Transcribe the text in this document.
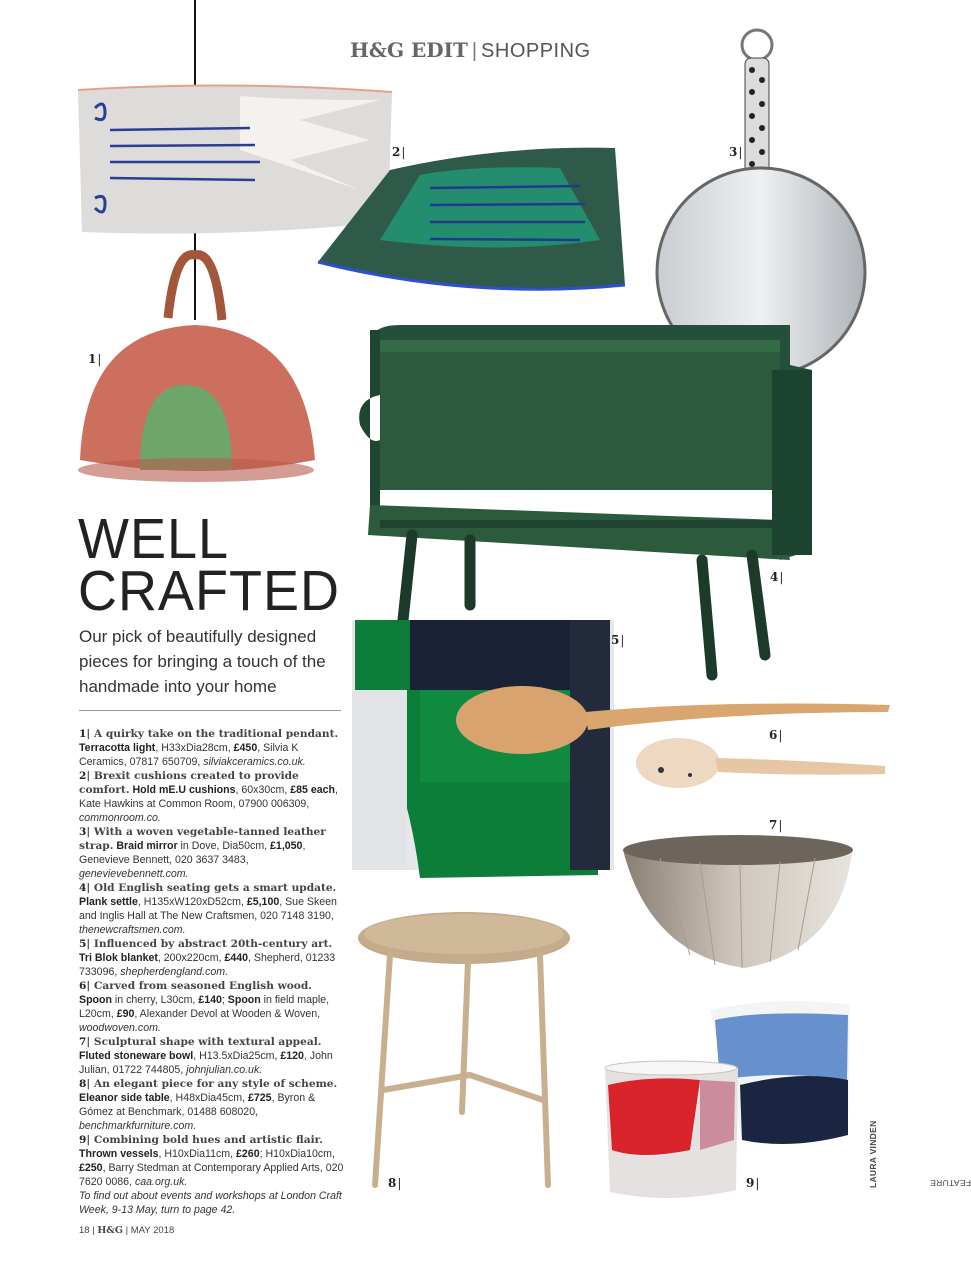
H&G EDIT | SHOPPING
2 |	3 |
1 |
4 |
5 |
6 |
7 |
8 |	9 |
WELL
CRAFTED
Our pick of beautifully designed pieces for bringing a touch of the handmade into your home

1| A quirky take on the traditional pendant. Terracotta light, H33xDia28cm, £450, Silvia K Ceramics, 07817 650709, silviakceramics.co.uk.

2| Brexit cushions created to provide comfort. Hold mE.U cushions, 60x30cm, £85 each, Kate Hawkins at Common Room, 07900 006309, commonroom.co.

3| With a woven vegetable-tanned leather strap. Braid mirror in Dove, Dia50cm, £1,050, Genevieve Bennett, 020 3637 3483, genevievebennett.com.

4| Old English seating gets a smart update. Plank settle, H135xW120xD52cm, £5,100, Sue Skeen and Inglis Hall at The New Craftsmen, 020 7148 3190, thenewcraftsmen.com.

5| Influenced by abstract 20th-century art. Tri Blok blanket, 200x220cm, £440, Shepherd, 01233 733096, shepherdengland.com.

6| Carved from seasoned English wood. Spoon in cherry, L30cm, £140; Spoon in field maple, L20cm, £90, Alexander Devol at Wooden & Woven, woodwoven.com.

7| Sculptural shape with textural appeal. Fluted stoneware bowl, H13.5xDia25cm, £120, John Julian, 01722 744805, johnjulian.co.uk.

8| An elegant piece for any style of scheme. Eleanor side table, H48xDia45cm, £725, Byron & Gómez at Benchmark, 01488 608020, benchmarkfurniture.com.

9| Combining bold hues and artistic flair. Thrown vessels, H10xDia11cm, £260; H10xDia10cm, £250, Barry Stedman at Contemporary Applied Arts, 020 7620 0086, caa.org.uk.

To find out about events and workshops at London Craft Week, 9-13 May, turn to page 42.

FEATURE
LAURA VINDEN
18 | H&G | MAY 2018
